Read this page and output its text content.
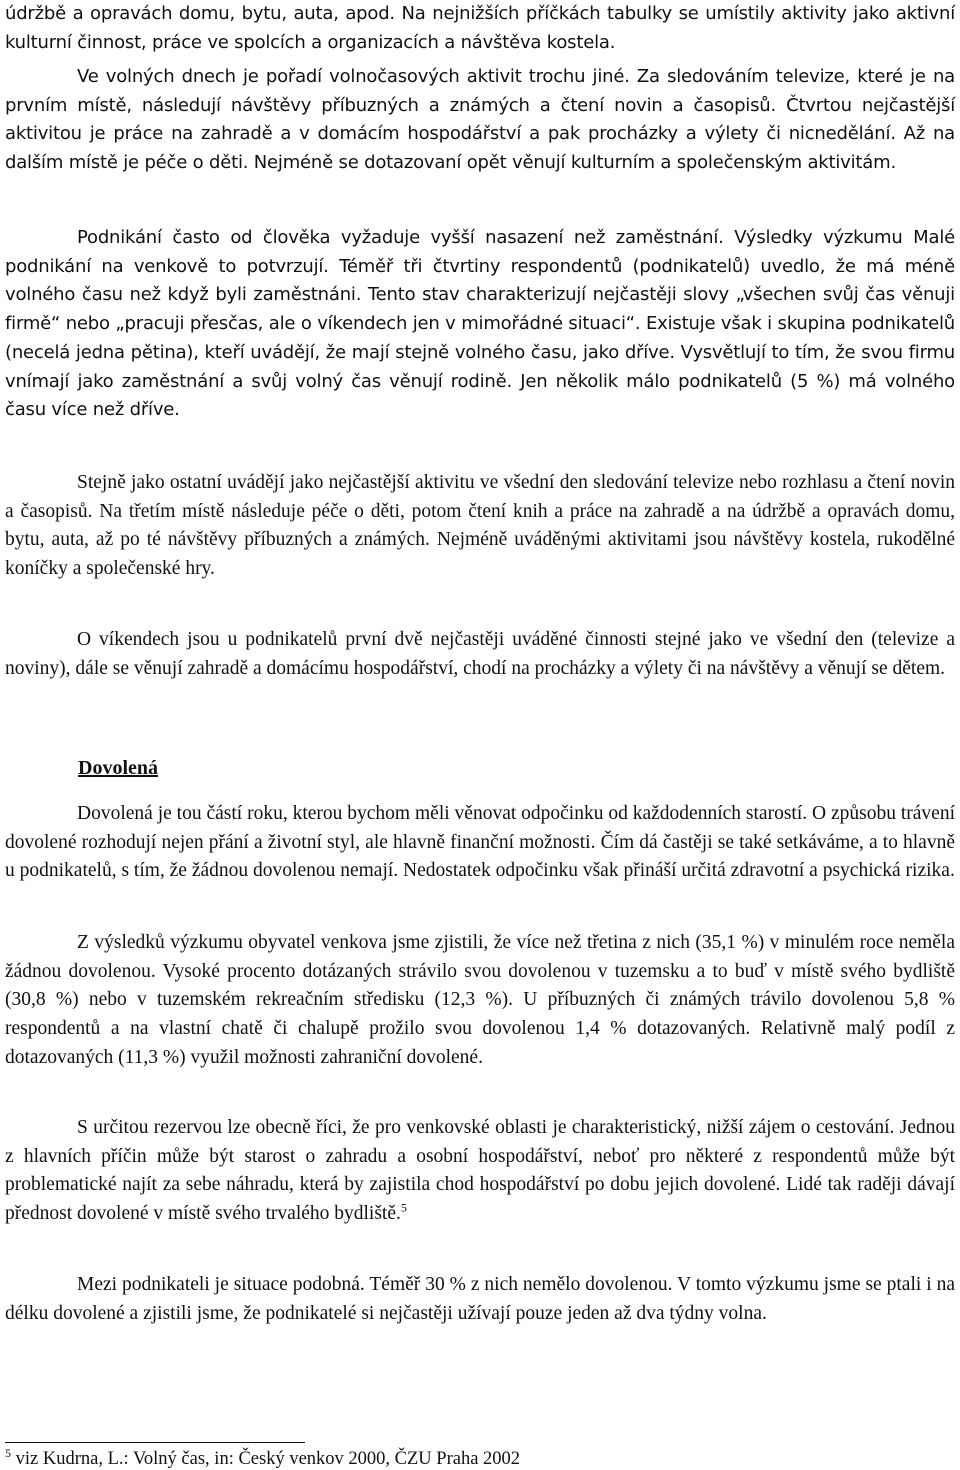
údržbě a opravách domu, bytu, auta, apod. Na nejnižších příčkách tabulky se umístily aktivity jako aktivní kulturní činnost, práce ve spolcích a organizacích a návštěva kostela.

Ve volných dnech je pořadí volnočasových aktivit trochu jiné. Za sledováním televize, které je na prvním místě, následují návštěvy příbuzných a známých a čtení novin a časopisů. Čtvrtou nejčastější aktivitou je práce na zahradě a v domácím hospodářství a pak procházky a výlety či nicnedělání. Až na dalším místě je péče o děti. Nejméně se dotazovaní opět věnují kulturním a společenským aktivitám.

Podnikání často od člověka vyžaduje vyšší nasazení než zaměstnání. Výsledky výzkumu Malé podnikání na venkově to potvrzují. Téměř tři čtvrtiny respondentů (podnikatelů) uvedlo, že má méně volného času než když byli zaměstnáni. Tento stav charakterizují nejčastěji slovy „všechen svůj čas věnuji firmě“ nebo „pracuji přesčas, ale o víkendech jen v mimořádné situaci“. Existuje však i skupina podnikatelů (necelá jedna pětina), kteří uvádějí, že mají stejně volného času, jako dříve. Vysvětlují to tím, že svou firmu vnímají jako zaměstnání a svůj volný čas věnují rodině. Jen několik málo podnikatelů (5 %) má volného času více než dříve.

Stejně jako ostatní uvádějí jako nejčastější aktivitu ve všední den sledování televize nebo rozhlasu a čtení novin a časopisů. Na třetím místě následuje péče o děti, potom čtení knih a práce na zahradě a na údržbě a opravách domu, bytu, auta, až po té návštěvy příbuzných a známých. Nejméně uváděnými aktivitami jsou návštěvy kostela, rukodělné koníčky a společenské hry.

O víkendech jsou u podnikatelů první dvě nejčastěji uváděné činnosti stejné jako ve všední den (televize a noviny), dále se věnují zahradě a domácímu hospodářství, chodí na procházky a výlety či na návštěvy a věnují se dětem.

Dovolená

Dovolená je tou částí roku, kterou bychom měli věnovat odpočinku od každodenních starostí. O způsobu trávení dovolené rozhodují nejen přání a životní styl, ale hlavně finanční možnosti. Čím dá častěji se také setkáváme, a to hlavně u podnikatelů, s tím, že žádnou dovolenou nemají. Nedostatek odpočinku však přináší určitá zdravotní a psychická rizika.

Z výsledků výzkumu obyvatel venkova jsme zjistili, že více než třetina z nich (35,1 %) v minulém roce neměla žádnou dovolenou. Vysoké procento dotázaných strávilo svou dovolenou v tuzemsku a to buď v místě svého bydliště (30,8 %) nebo v tuzemském rekreačním středisku (12,3 %). U příbuzných či známých trávilo dovolenou 5,8 % respondentů a na vlastní chatě či chalupě prožilo svou dovolenou 1,4 % dotazovaných. Relativně malý podíl z dotazovaných (11,3 %) využil možnosti zahraniční dovolené.

S určitou rezervou lze obecně říci, že pro venkovské oblasti je charakteristický, nižší zájem o cestování. Jednou z hlavních příčin může být starost o zahradu a osobní hospodářství, neboť pro některé z respondentů může být problematické najít za sebe náhradu, která by zajistila chod hospodářství po dobu jejich dovolené. Lidé tak raději dávají přednost dovolené v místě svého trvalého bydliště.$^5$

Mezi podnikateli je situace podobná. Téměř 30 % z nich nemělo dovolenou. V tomto výzkumu jsme se ptali i na délku dovolené a zjistili jsme, že podnikatelé si nejčastěji užívají pouze jeden až dva týdny volna.

$^5$ viz Kudrna, L.: Volný čas, in: Český venkov 2000, ČZU Praha 2002
